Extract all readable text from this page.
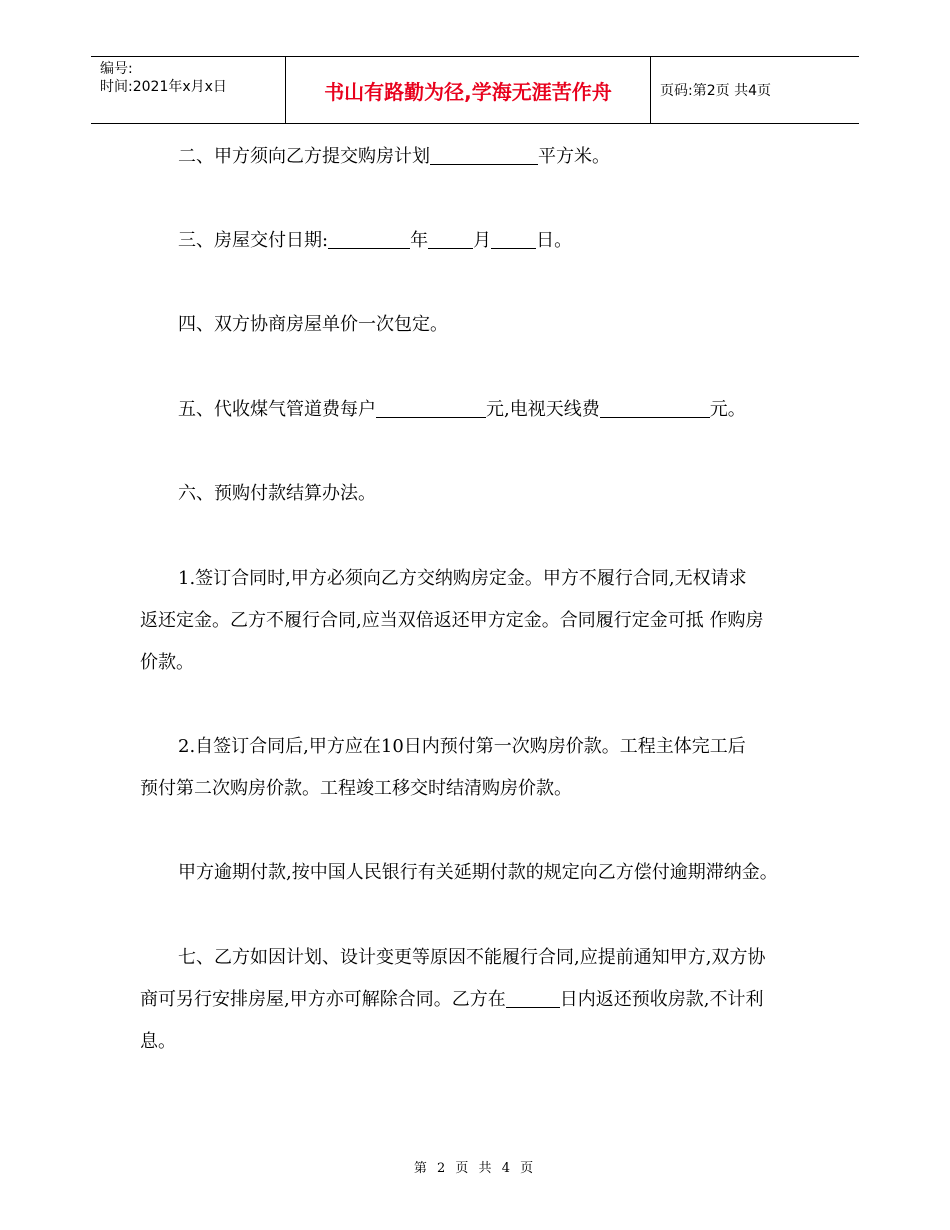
编号:
时间:2021年x月x日	书山有路勤为径,学海无涯苦作舟	页码:第2页 共4页
二、甲方须向乙方提交购房计划	平方米。
三、房屋交付日期:	年	月	日。
四、双方协商房屋单价一次包定。
五、代收煤气管道费每户	元,电视天线费	元。
六、预购付款结算办法。
1.签订合同时,甲方必须向乙方交纳购房定金。甲方不履行合同,无权请求
返还定金。乙方不履行合同,应当双倍返还甲方定金。合同履行定金可抵 作购房
价款。
2.自签订合同后,甲方应在10日内预付第一次购房价款。工程主体完工后
预付第二次购房价款。工程竣工移交时结清购房价款。
甲方逾期付款,按中国人民银行有关延期付款的规定向乙方偿付逾期滞纳金。
七、乙方如因计划、设计变更等原因不能履行合同,应提前通知甲方,双方协
商可另行安排房屋,甲方亦可解除合同。乙方在	日内返还预收房款,不计利
息。
第 2 页 共 4 页
